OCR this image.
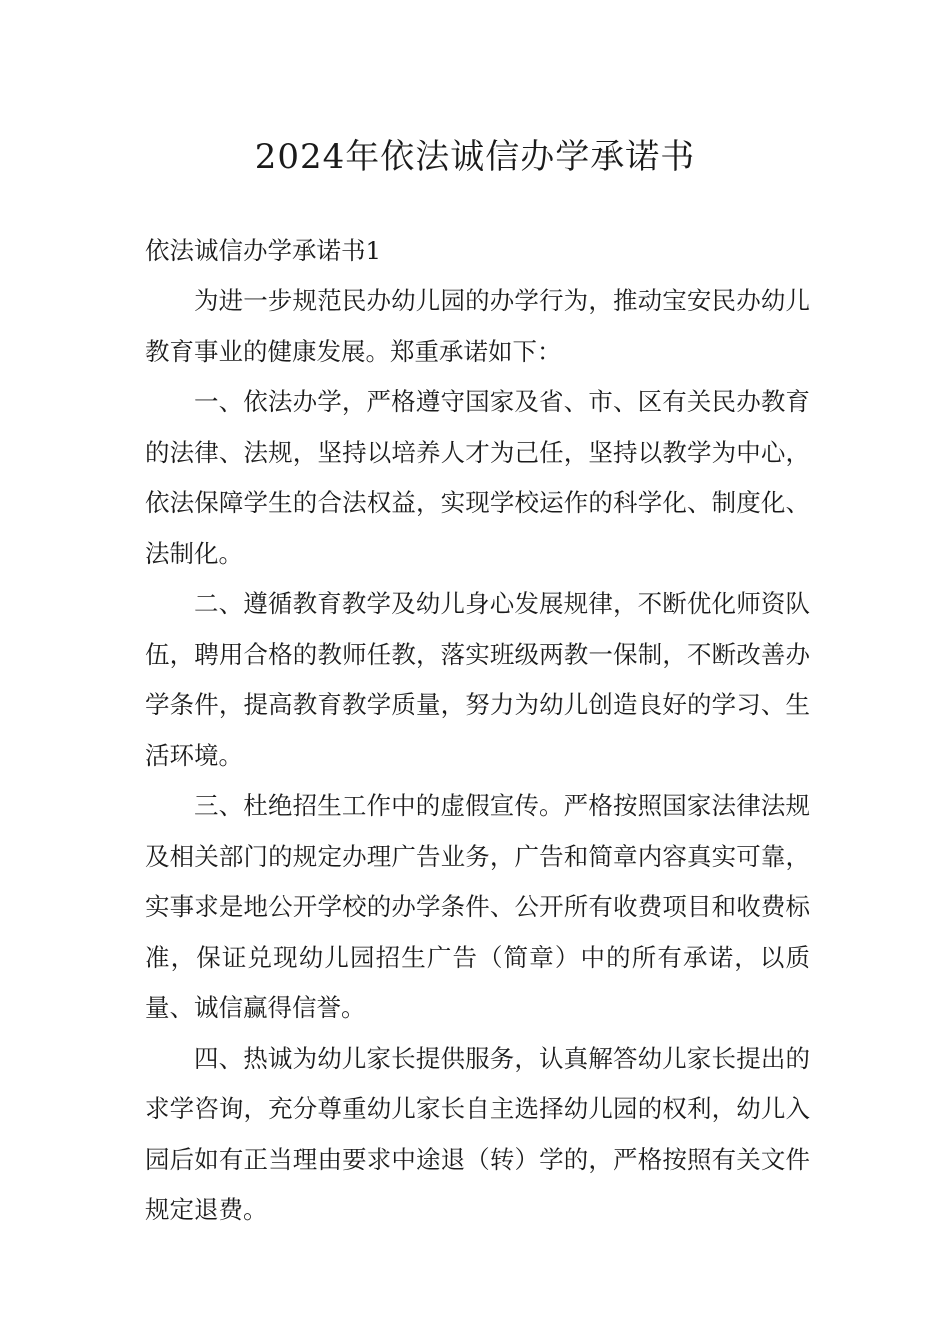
2024年依法诚信办学承诺书

依法诚信办学承诺书1

为进一步规范民办幼儿园的办学行为，推动宝安民办幼儿教育事业的健康发展。郑重承诺如下：

一、依法办学，严格遵守国家及省、市、区有关民办教育的法律、法规，坚持以培养人才为己任，坚持以教学为中心，依法保障学生的合法权益，实现学校运作的科学化、制度化、法制化。

二、遵循教育教学及幼儿身心发展规律，不断优化师资队伍，聘用合格的教师任教，落实班级两教一保制，不断改善办学条件，提高教育教学质量，努力为幼儿创造良好的学习、生活环境。

三、杜绝招生工作中的虚假宣传。严格按照国家法律法规及相关部门的规定办理广告业务，广告和简章内容真实可靠，实事求是地公开学校的办学条件、公开所有收费项目和收费标准，保证兑现幼儿园招生广告（简章）中的所有承诺，以质量、诚信赢得信誉。

四、热诚为幼儿家长提供服务，认真解答幼儿家长提出的求学咨询，充分尊重幼儿家长自主选择幼儿园的权利，幼儿入园后如有正当理由要求中途退（转）学的，严格按照有关文件规定退费。
